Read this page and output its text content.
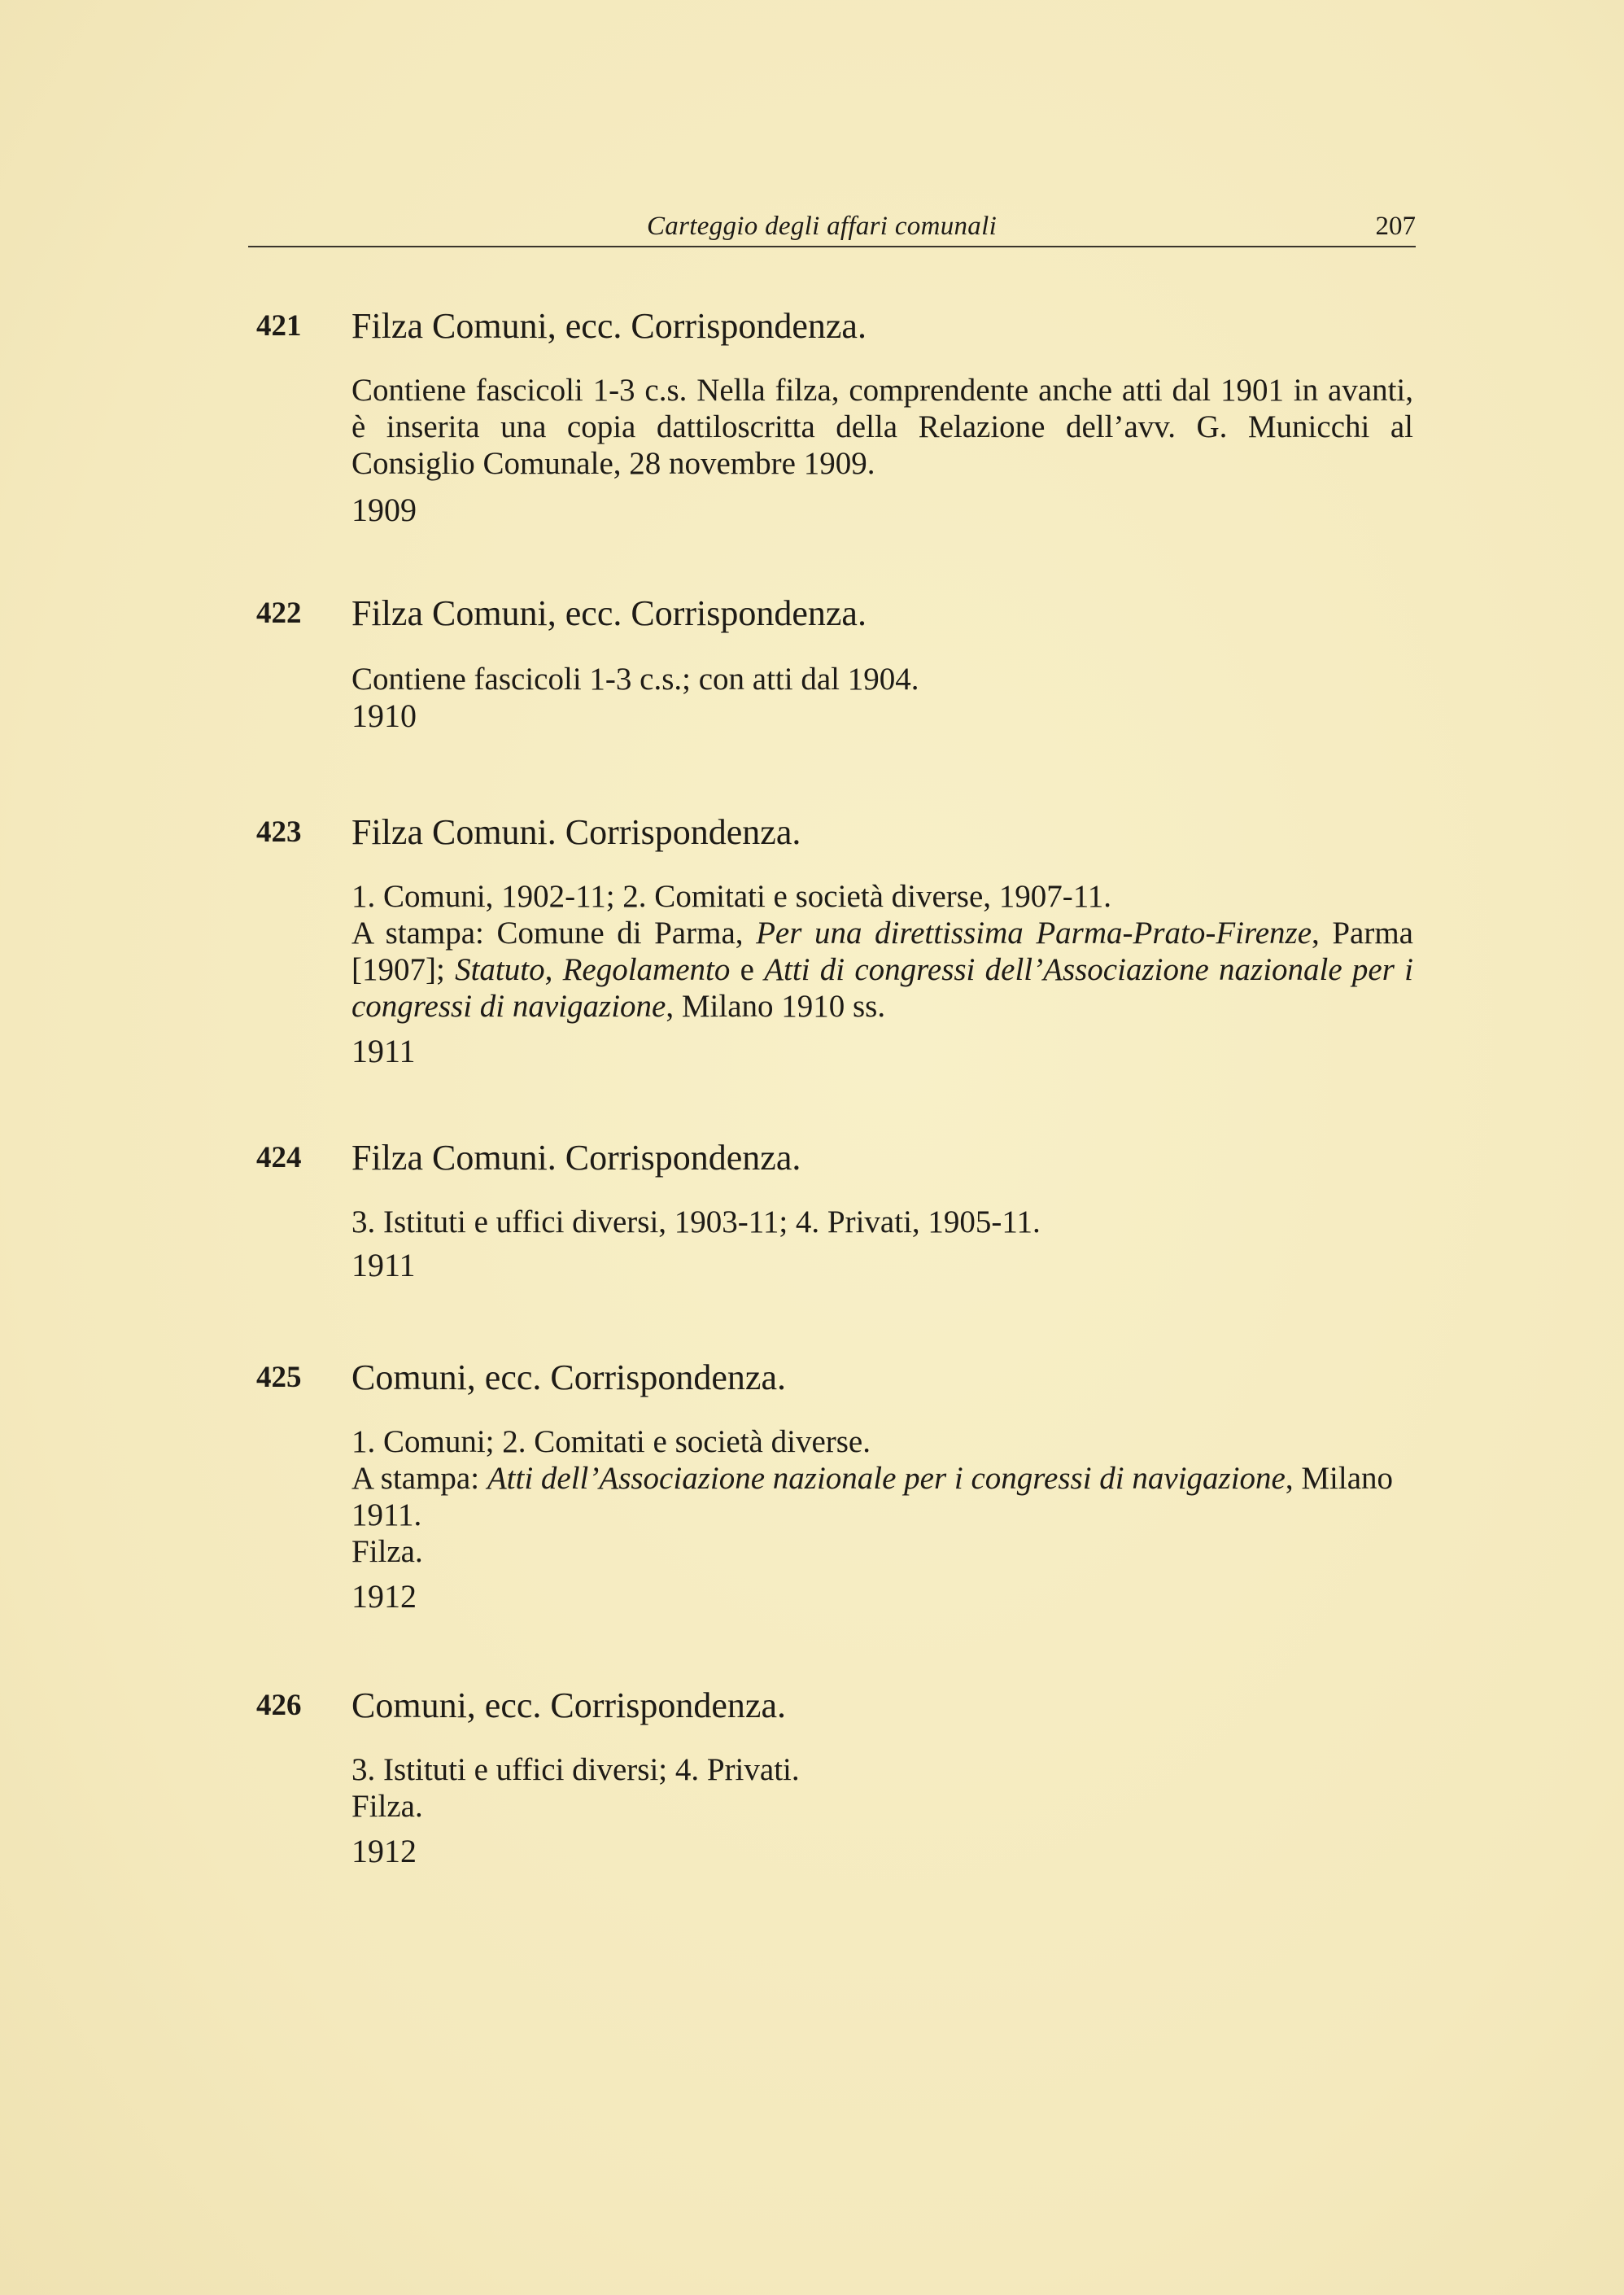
Carteggio degli affari comunali	207
421	Filza Comuni, ecc. Corrispondenza.

Contiene fascicoli 1-3 c.s. Nella filza, comprendente anche atti dal 1901 in avanti, è inserita una copia dattiloscritta della Relazione dell’avv. G. Municchi al Consiglio Comunale, 28 novembre 1909.

1909

422	Filza Comuni, ecc. Corrispondenza.

Contiene fascicoli 1-3 c.s.; con atti dal 1904.

1910

423	Filza Comuni. Corrispondenza.

1. Comuni, 1902-11; 2. Comitati e società diverse, 1907-11.

A stampa: Comune di Parma, Per una direttissima Parma-Prato-Firenze, Parma [1907]; Statuto, Regolamento e Atti di congressi dell’Associazione nazionale per i congressi di navigazione, Milano 1910 ss.

1911

424	Filza Comuni. Corrispondenza.

3. Istituti e uffici diversi, 1903-11; 4. Privati, 1905-11.

1911

425	Comuni, ecc. Corrispondenza.

1. Comuni; 2. Comitati e società diverse.

A stampa: Atti dell’Associazione nazionale per i congressi di navigazione, Milano 1911.

Filza.

1912

426	Comuni, ecc. Corrispondenza.

3. Istituti e uffici diversi; 4. Privati.

Filza.

1912
